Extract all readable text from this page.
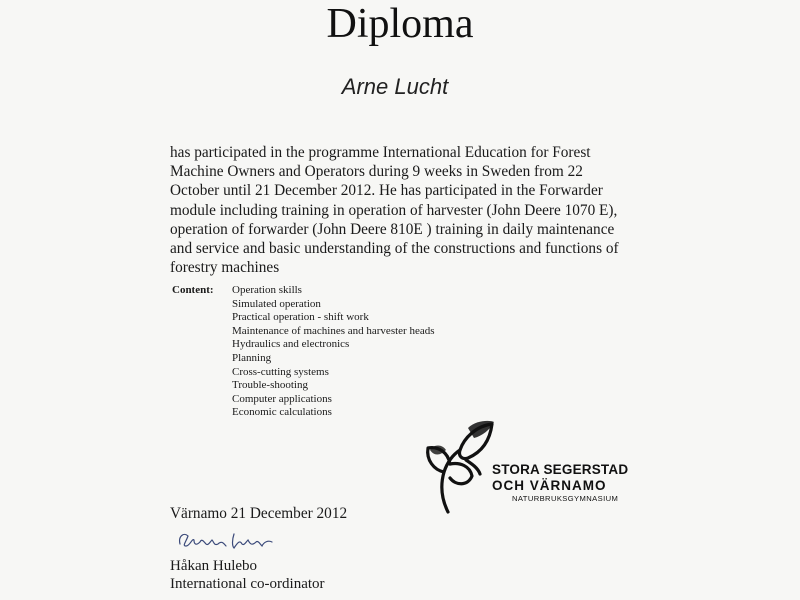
Diploma
Arne Lucht
has participated in the programme International Education for Forest Machine Owners and Operators during 9 weeks in Sweden from 22 October until 21 December 2012. He has participated in the Forwarder module including training in operation of harvester (John Deere 1070 E), operation of forwarder (John Deere 810E ) training in daily maintenance and service and basic understanding of the constructions and functions of forestry machines
Content: Operation skills
Simulated operation
Practical operation - shift work
Maintenance of machines and harvester heads
Hydraulics and electronics
Planning
Cross-cutting systems
Trouble-shooting
Computer applications
Economic calculations
STORA SEGERSTAD
OCH VÄRNAMO
NATURBRUKSGYMNASIUM
Värnamo 21 December 2012
Håkan Hulebo
International co-ordinator
